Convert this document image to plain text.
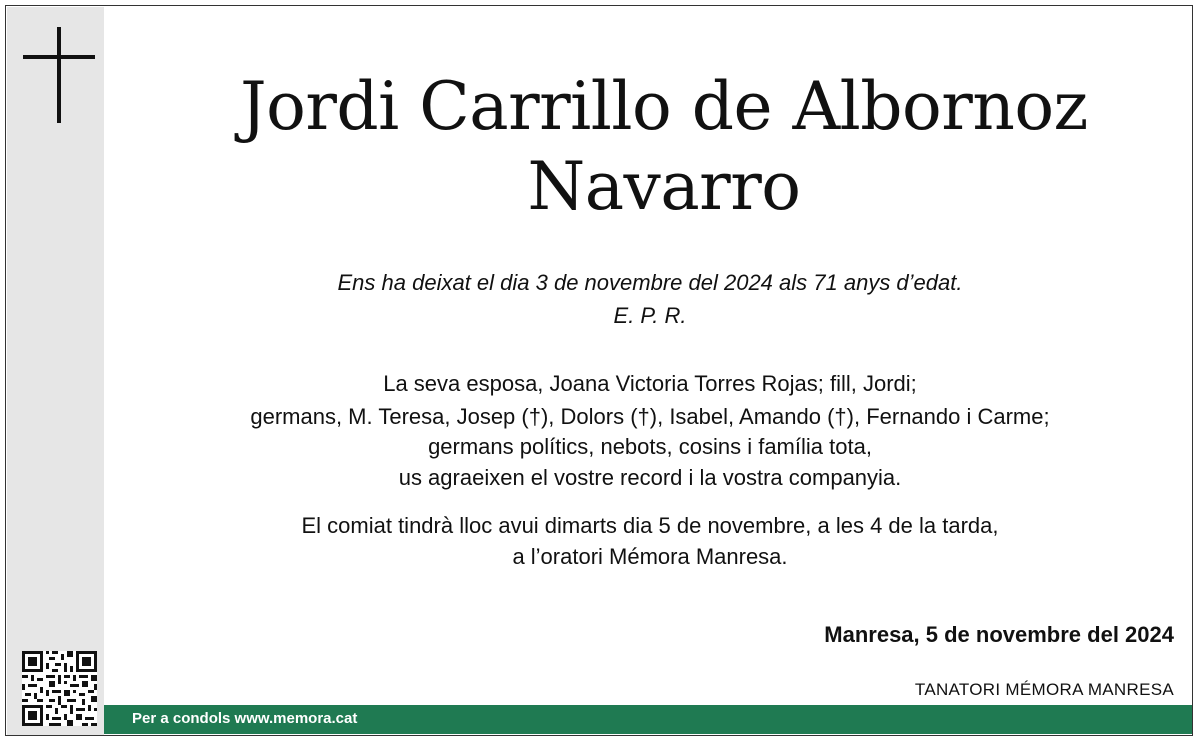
Jordi Carrillo de Albornoz
Navarro
Ens ha deixat el dia 3 de novembre del 2024 als 71 anys d’edat.
E. P. R.
La seva esposa, Joana Victoria Torres Rojas; fill, Jordi;
germans, M. Teresa, Josep (†), Dolors (†), Isabel, Amando (†), Fernando i Carme;
germans polítics, nebots, cosins i família tota,
us agraeixen el vostre record i la vostra companyia.
El comiat tindrà lloc avui dimarts dia 5 de novembre, a les 4 de la tarda,
a l’oratori Mémora Manresa.
Manresa, 5 de novembre del 2024
TANATORI MÉMORA MANRESA
Per a condols www.memora.cat
